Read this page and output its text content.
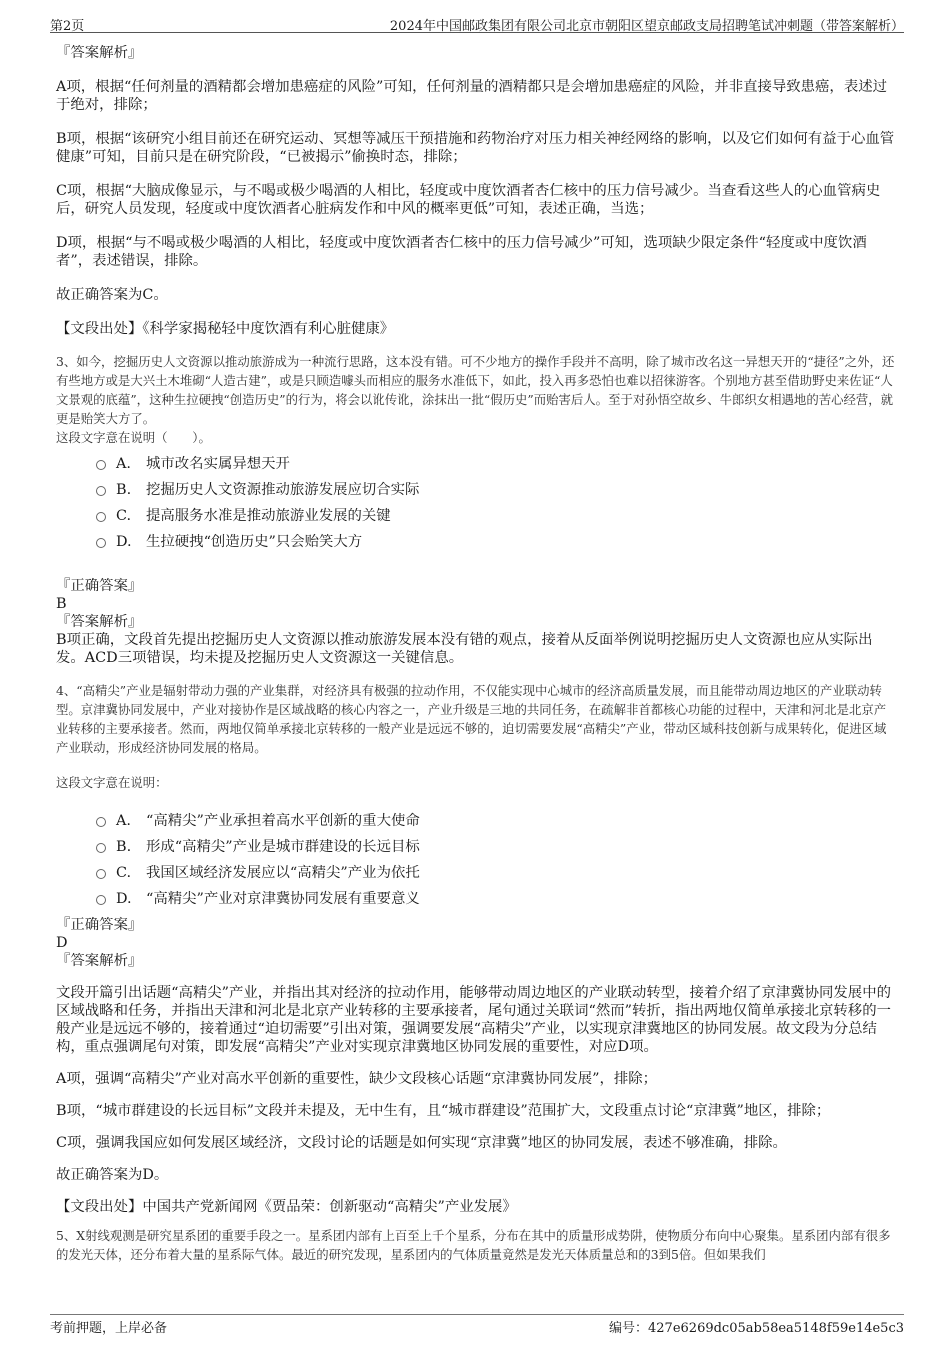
第2页	2024年中国邮政集团有限公司北京市朝阳区望京邮政支局招聘笔试冲刺题（带答案解析）

『答案解析』

A项，根据“任何剂量的酒精都会增加患癌症的风险”可知，任何剂量的酒精都只是会增加患癌症的风险，并非直接导致患癌，表述过于绝对，排除；

B项，根据“该研究小组目前还在研究运动、冥想等减压干预措施和药物治疗对压力相关神经网络的影响，以及它们如何有益于心血管健康”可知，目前只是在研究阶段，“已被揭示”偷换时态，排除；

C项，根据“大脑成像显示，与不喝或极少喝酒的人相比，轻度或中度饮酒者杏仁核中的压力信号减少。当查看这些人的心血管病史后，研究人员发现，轻度或中度饮酒者心脏病发作和中风的概率更低”可知，表述正确，当选；

D项，根据“与不喝或极少喝酒的人相比，轻度或中度饮酒者杏仁核中的压力信号减少”可知，选项缺少限定条件“轻度或中度饮酒者”，表述错误，排除。

故正确答案为C。

【文段出处】《科学家揭秘轻中度饮酒有利心脏健康》

3、如今，挖掘历史人文资源以推动旅游成为一种流行思路，这本没有错。可不少地方的操作手段并不高明，除了城市改名这一异想天开的“捷径”之外，还有些地方或是大兴土木堆砌“人造古建”，或是只顾造噱头而相应的服务水准低下，如此，投入再多恐怕也难以招徕游客。个别地方甚至借助野史来佐证“人文景观的底蕴”，这种生拉硬拽“创造历史”的行为，将会以讹传讹，涂抹出一批“假历史”而贻害后人。至于对孙悟空故乡、牛郎织女相遇地的苦心经营，就更是贻笑大方了。

这段文字意在说明（　　）。

A. 城市改名实属异想天开
B. 挖掘历史人文资源推动旅游发展应切合实际
C. 提高服务水准是推动旅游业发展的关键
D. 生拉硬拽“创造历史”只会贻笑大方

『正确答案』

B

『答案解析』

B项正确，文段首先提出挖掘历史人文资源以推动旅游发展本没有错的观点，接着从反面举例说明挖掘历史人文资源也应从实际出发。ACD三项错误，均未提及挖掘历史人文资源这一关键信息。

4、“高精尖”产业是辐射带动力强的产业集群，对经济具有极强的拉动作用，不仅能实现中心城市的经济高质量发展，而且能带动周边地区的产业联动转型。京津冀协同发展中，产业对接协作是区域战略的核心内容之一，产业升级是三地的共同任务，在疏解非首都核心功能的过程中，天津和河北是北京产业转移的主要承接者。然而，两地仅简单承接北京转移的一般产业是远远不够的，迫切需要发展“高精尖”产业，带动区域科技创新与成果转化，促进区域产业联动，形成经济协同发展的格局。

这段文字意在说明：

A. “高精尖”产业承担着高水平创新的重大使命
B. 形成“高精尖”产业是城市群建设的长远目标
C. 我国区域经济发展应以“高精尖”产业为依托
D. “高精尖”产业对京津冀协同发展有重要意义

『正确答案』

D

『答案解析』

文段开篇引出话题“高精尖”产业，并指出其对经济的拉动作用，能够带动周边地区的产业联动转型，接着介绍了京津冀协同发展中的区域战略和任务，并指出天津和河北是北京产业转移的主要承接者，尾句通过关联词“然而”转折，指出两地仅简单承接北京转移的一般产业是远远不够的，接着通过“迫切需要”引出对策，强调要发展“高精尖”产业，以实现京津冀地区的协同发展。故文段为分总结构，重点强调尾句对策，即发展“高精尖”产业对实现京津冀地区协同发展的重要性，对应D项。

A项，强调“高精尖”产业对高水平创新的重要性，缺少文段核心话题“京津冀协同发展”，排除；

B项，“城市群建设的长远目标”文段并未提及，无中生有，且“城市群建设”范围扩大，文段重点讨论“京津冀”地区，排除；

C项，强调我国应如何发展区域经济，文段讨论的话题是如何实现“京津冀”地区的协同发展，表述不够准确，排除。

故正确答案为D。

【文段出处】中国共产党新闻网《贾品荣：创新驱动“高精尖”产业发展》

5、X射线观测是研究星系团的重要手段之一。星系团内部有上百至上千个星系，分布在其中的质量形成势阱，使物质分布向中心聚集。星系团内部有很多的发光天体，还分布着大量的星系际气体。最近的研究发现，星系团内的气体质量竟然是发光天体质量总和的3到5倍。但如果我们

考前押题，上岸必备	编号：427e6269dc05ab58ea5148f59e14e5c3
